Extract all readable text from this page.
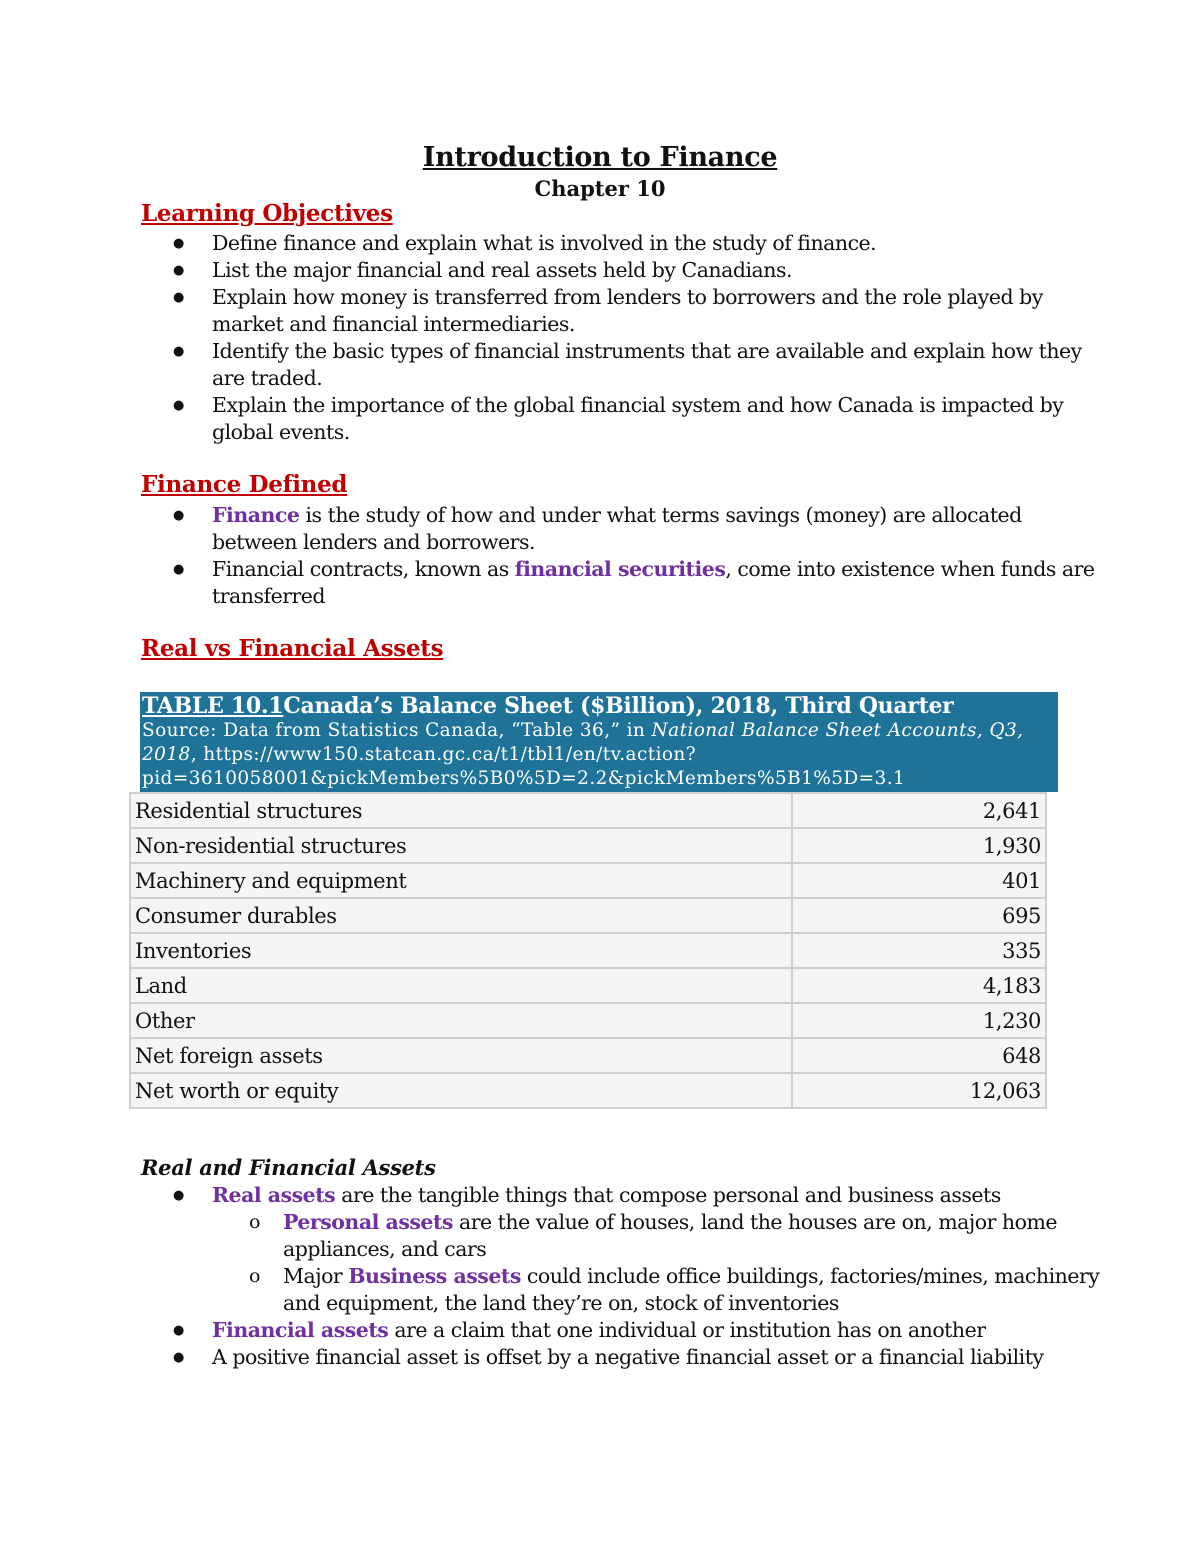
Introduction to Finance
Chapter 10
Learning Objectives
● Define finance and explain what is involved in the study of finance.
● List the major financial and real assets held by Canadians.
● Explain how money is transferred from lenders to borrowers and the role played by market and financial intermediaries.
● Identify the basic types of financial instruments that are available and explain how they are traded.
● Explain the importance of the global financial system and how Canada is impacted by global events.
Finance Defined
● Finance is the study of how and under what terms savings (money) are allocated between lenders and borrowers.
● Financial contracts, known as financial securities, come into existence when funds are transferred
Real vs Financial Assets
TABLE 10.1Canada’s Balance Sheet ($Billion), 2018, Third Quarter
Source: Data from Statistics Canada, “Table 36,” in National Balance Sheet Accounts, Q3, 2018, https://www150.statcan.gc.ca/t1/tbl1/en/tv.action?pid=3610058001&pickMembers%5B0%5D=2.2&pickMembers%5B1%5D=3.1
Residential structures	2,641
Non-residential structures	1,930
Machinery and equipment	401
Consumer durables	695
Inventories	335
Land	4,183
Other	1,230
Net foreign assets	648
Net worth or equity	12,063
Real and Financial Assets
● Real assets are the tangible things that compose personal and business assets
o Personal assets are the value of houses, land the houses are on, major home appliances, and cars
o Major Business assets could include office buildings, factories/mines, machinery and equipment, the land they’re on, stock of inventories
● Financial assets are a claim that one individual or institution has on another
● A positive financial asset is offset by a negative financial asset or a financial liability
